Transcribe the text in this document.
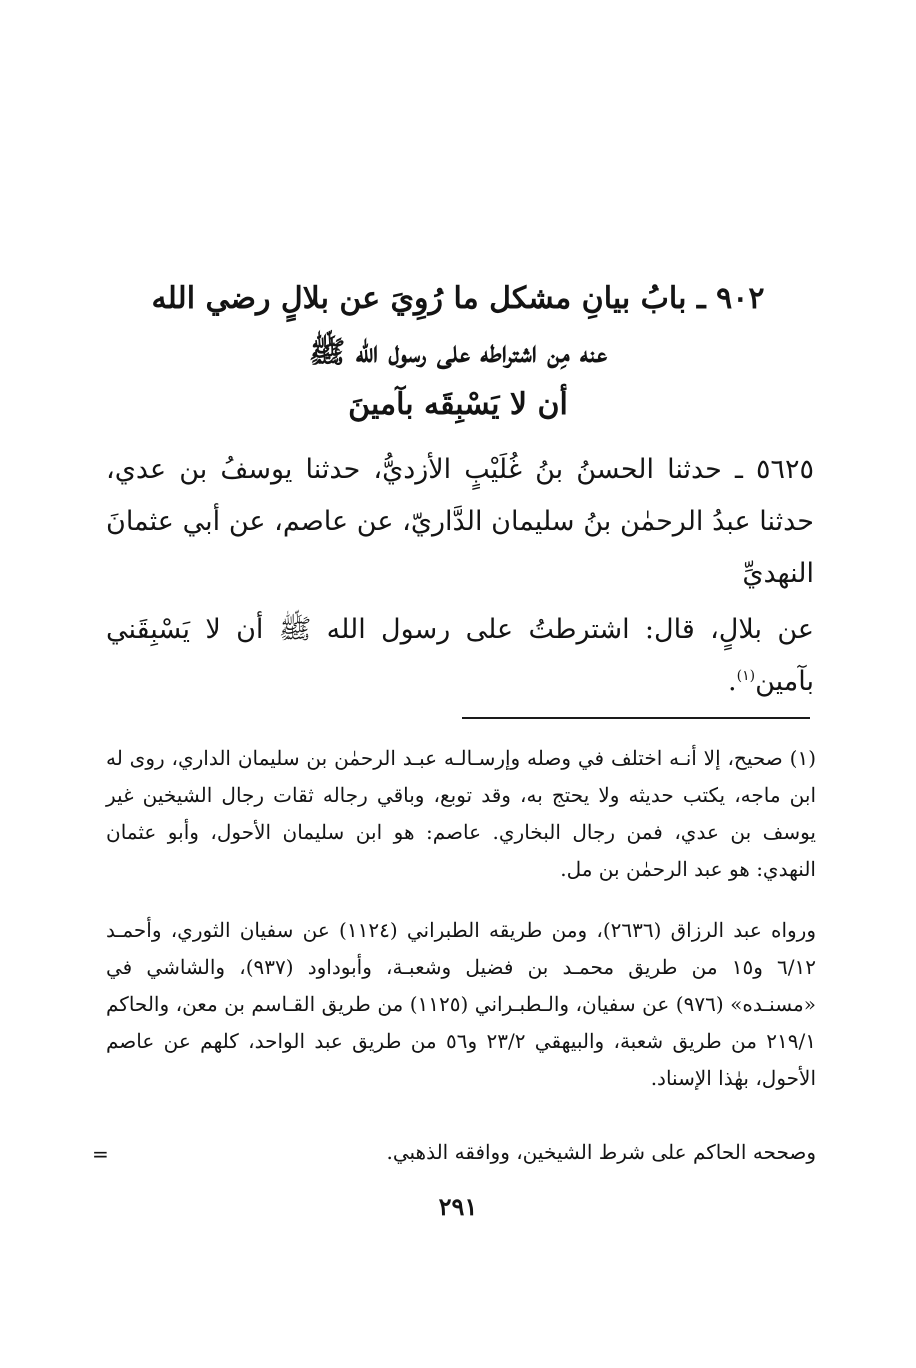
٩٠٢ ـ بابُ بيانِ مشكل ما رُوِيَ عن بلالٍ رضي الله
عنه مِن اشتراطه على رسول الله ﷺ
أن لا يَسْبِقَه بآمينَ
٥٦٢٥ ـ حدثنا الحسنُ بنُ غُلَيْبٍ الأزديُّ، حدثنا يوسفُ بن عدي، حدثنا عبدُ الرحمٰن بنُ سليمان الدَّاريّ، عن عاصم، عن أبي عثمانَ النهديِّ
عن بلالٍ، قال: اشترطتُ على رسول الله ﷺ أن لا يَسْبِقَني بآمين$^{(١)}$.
(١) صحيح، إلا أنـه اختلف في وصله وإرسـالـه عبـد الرحمٰن بن سليمان الداري، روى له ابن ماجه، يكتب حديثه ولا يحتج به، وقد توبع، وباقي رجاله ثقات رجال الشيخين غير يوسف بن عدي، فمن رجال البخاري. عاصم: هو ابن سليمان الأحول، وأبو عثمان النهدي: هو عبد الرحمٰن بن مل.
ورواه عبد الرزاق (٢٦٣٦)، ومن طريقه الطبراني (١١٢٤) عن سفيان الثوري، وأحمـد ٦/١٢ و١٥ من طريق محمـد بن فضيل وشعبـة، وأبوداود (٩٣٧)، والشاشي في «مسنـده» (٩٧٦) عن سفيان، والـطبـراني (١١٢٥) من طريق القـاسم بن معن، والحاكم ٢١٩/١ من طريق شعبة، والبيهقي ٢٣/٢ و٥٦ من طريق عبد الواحد، كلهم عن عاصم الأحول، بهٰذا الإسناد.
وصححه الحاكم على شرط الشيخين، ووافقه الذهبي.
=
٢٩١
